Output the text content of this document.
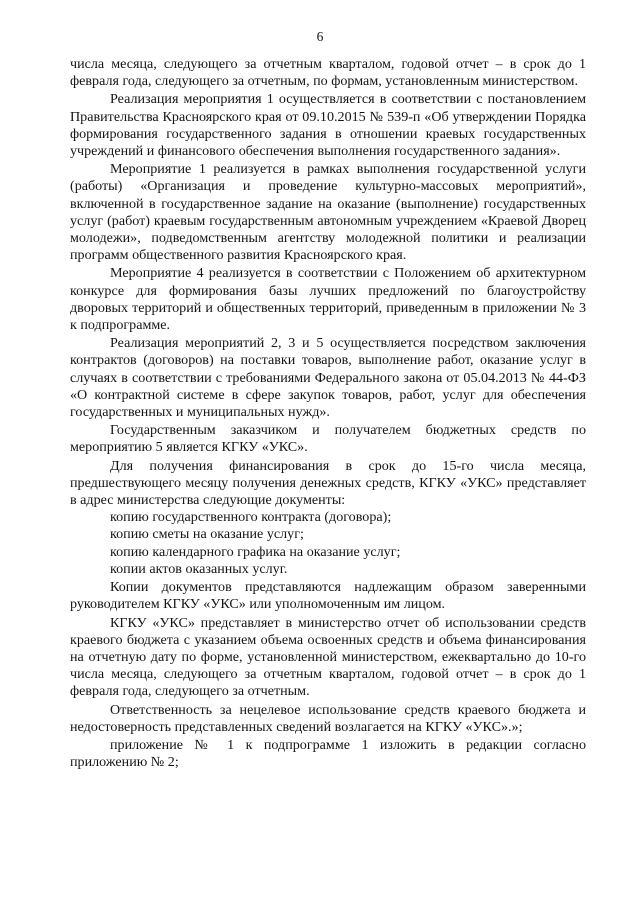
6

числа месяца, следующего за отчетным кварталом, годовой отчет – в срок до 1 февраля года, следующего за отчетным, по формам, установленным министерством.

Реализация мероприятия 1 осуществляется в соответствии с постановлением Правительства Красноярского края от 09.10.2015 № 539-п «Об утверждении Порядка формирования государственного задания в отношении краевых государственных учреждений и финансового обеспечения выполнения государственного задания».

Мероприятие 1 реализуется в рамках выполнения государственной услуги (работы) «Организация и проведение культурно-массовых мероприятий», включенной в государственное задание на оказание (выполнение) государственных услуг (работ) краевым государственным автономным учреждением «Краевой Дворец молодежи», подведомственным агентству молодежной политики и реализации программ общественного развития Красноярского края.

Мероприятие 4 реализуется в соответствии с Положением об архитектурном конкурсе для формирования базы лучших предложений по благоустройству дворовых территорий и общественных территорий, приведенным в приложении № 3 к подпрограмме.

Реализация мероприятий 2, 3 и 5 осуществляется посредством заключения контрактов (договоров) на поставки товаров, выполнение работ, оказание услуг в случаях в соответствии с требованиями Федерального закона от 05.04.2013 № 44-ФЗ «О контрактной системе в сфере закупок товаров, работ, услуг для обеспечения государственных и муниципальных нужд».

Государственным заказчиком и получателем бюджетных средств по мероприятию 5 является КГКУ «УКС».

Для получения финансирования в срок до 15-го числа месяца, предшествующего месяцу получения денежных средств, КГКУ «УКС» представляет в адрес министерства следующие документы:

копию государственного контракта (договора);

копию сметы на оказание услуг;

копию календарного графика на оказание услуг;

копии актов оказанных услуг.

Копии документов представляются надлежащим образом заверенными руководителем КГКУ «УКС» или уполномоченным им лицом.

КГКУ «УКС» представляет в министерство отчет об использовании средств краевого бюджета с указанием объема освоенных средств и объема финансирования на отчетную дату по форме, установленной министерством, ежеквартально до 10-го числа месяца, следующего за отчетным кварталом, годовой отчет – в срок до 1 февраля года, следующего за отчетным.

Ответственность за нецелевое использование средств краевого бюджета и недостоверность представленных сведений возлагается на КГКУ «УКС».»;

приложение № 1 к подпрограмме 1 изложить в редакции согласно приложению № 2;
